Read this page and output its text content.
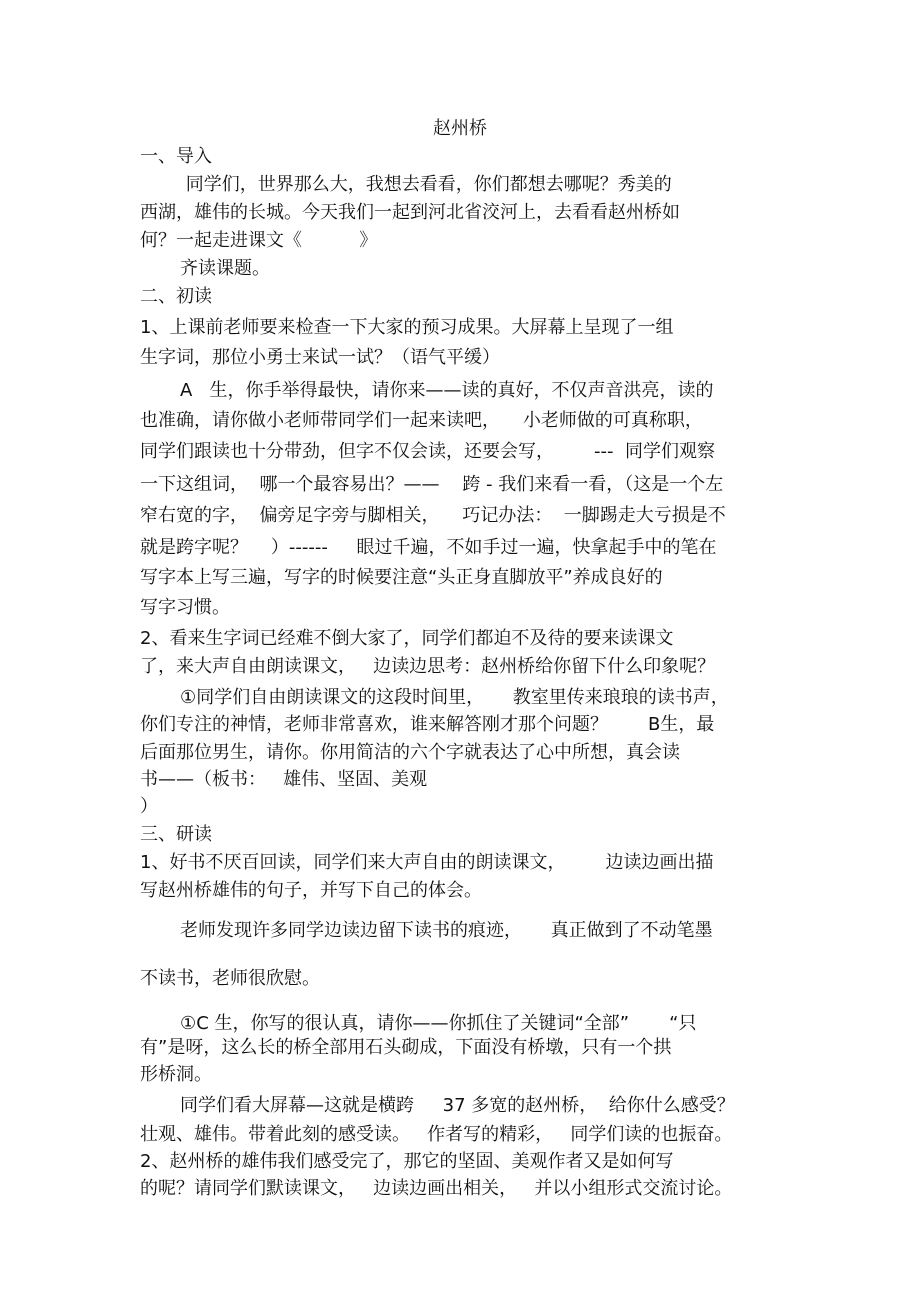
赵州桥

一、导入

同学们，世界那么大，我想去看看，你们都想去哪呢？秀美的

西湖，雄伟的长城。今天我们一起到河北省洨河上，去看看赵州桥如

何？一起走进课文《          》

齐读课题。

二、初读

1、上课前老师要来检查一下大家的预习成果。大屏幕上呈现了一组

生字词，那位小勇士来试一试？（语气平缓）

A   生，你手举得最快，请你来——读的真好，不仅声音洪亮，读的

也准确，请你做小老师带同学们一起来读吧，    小老师做的可真称职，

同学们跟读也十分带劲，但字不仅会读，还要会写，       ---  同学们观察

一下这组词，  哪一个最容易出？——    跨 - 我们来看一看，（这是一个左

窄右宽的字，  偏旁足字旁与脚相关，    巧记办法：  一脚踢走大亏损是不

就是跨字呢？    ）------     眼过千遍，不如手过一遍，快拿起手中的笔在

写字本上写三遍，写字的时候要注意“头正身直脚放平”养成良好的

写字习惯。

2、看来生字词已经难不倒大家了，同学们都迫不及待的要来读课文

了，来大声自由朗读课文，   边读边思考：赵州桥给你留下什么印象呢？

①同学们自由朗读课文的这段时间里，     教室里传来琅琅的读书声，

你们专注的神情，老师非常喜欢，谁来解答刚才那个问题？       B生，最

后面那位男生，请你。你用简洁的六个字就表达了心中所想，真会读

书——（板书：   雄伟、坚固、美观

）

三、研读

1、好书不厌百回读，同学们来大声自由的朗读课文，       边读边画出描

写赵州桥雄伟的句子，并写下自己的体会。

老师发现许多同学边读边留下读书的痕迹，     真正做到了不动笔墨

不读书，老师很欣慰。

①C 生，你写的很认真，请你——你抓住了关键词“全部”       “只

有”是呀，这么长的桥全部用石头砌成，下面没有桥墩，只有一个拱

形桥洞。

同学们看大屏幕—这就是横跨     37 多宽的赵州桥，  给你什么感受？

壮观、雄伟。带着此刻的感受读。   作者写的精彩，   同学们读的也振奋。

2、赵州桥的雄伟我们感受完了，那它的坚固、美观作者又是如何写

的呢？请同学们默读课文，   边读边画出相关，   并以小组形式交流讨论。
